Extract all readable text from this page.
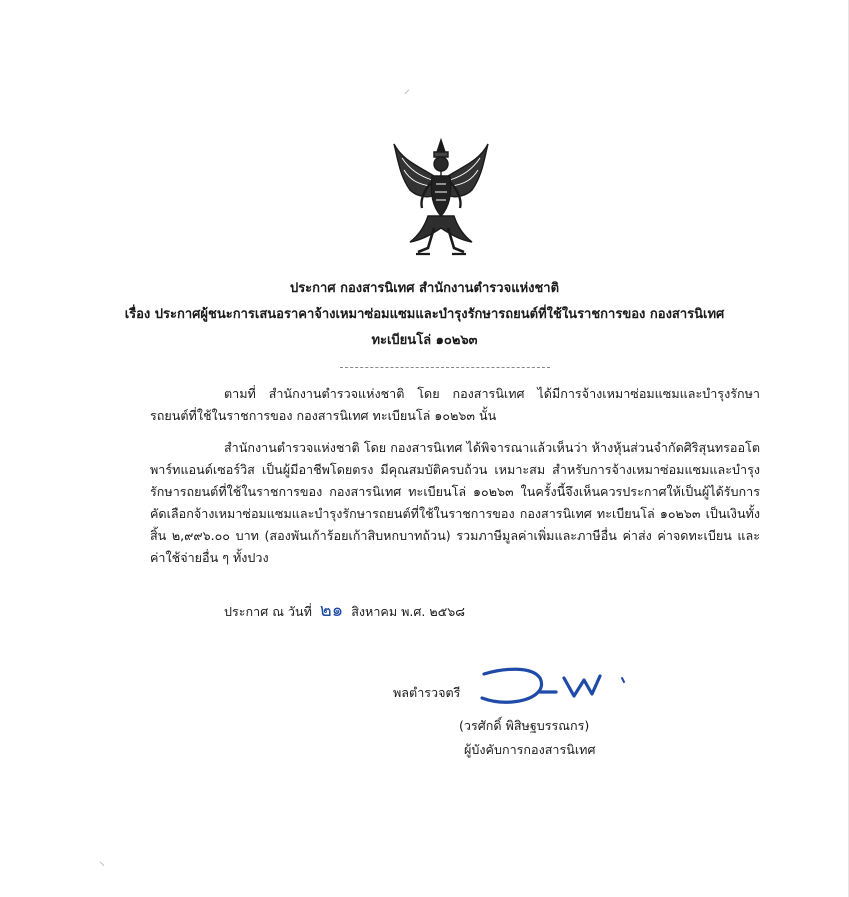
⸝
⸜
ประกาศ กองสารนิเทศ สำนักงานตำรวจแห่งชาติ
เรื่อง ประกาศผู้ชนะการเสนอราคาจ้างเหมาซ่อมแซมและบำรุงรักษารถยนต์ที่ใช้ในราชการของ กองสารนิเทศ
ทะเบียนโล่ ๑๐๒๖๓
ตามที่ สำนักงานตำรวจแห่งชาติ โดย กองสารนิเทศ ได้มีการจ้างเหมาซ่อมแซมและบำรุงรักษารถยนต์ที่ใช้ในราชการของ กองสารนิเทศ ทะเบียนโล่ ๑๐๒๖๓ นั้น
สำนักงานตำรวจแห่งชาติ โดย กองสารนิเทศ ได้พิจารณาแล้วเห็นว่า ห้างหุ้นส่วนจำกัดศิริสุนทรออโตพาร์ทแอนด์เซอร์วิส เป็นผู้มีอาชีพโดยตรง มีคุณสมบัติครบถ้วน เหมาะสม สำหรับการจ้างเหมาซ่อมแซมและบำรุงรักษารถยนต์ที่ใช้ในราชการของ กองสารนิเทศ ทะเบียนโล่ ๑๐๒๖๓ ในครั้งนี้จึงเห็นควรประกาศให้เป็นผู้ได้รับการคัดเลือกจ้างเหมาซ่อมแซมและบำรุงรักษารถยนต์ที่ใช้ในราชการของ กองสารนิเทศ ทะเบียนโล่ ๑๐๒๖๓ เป็นเงินทั้งสิ้น ๒,๙๙๖.๐๐ บาท (สองพันเก้าร้อยเก้าสิบหกบาทถ้วน) รวมภาษีมูลค่าเพิ่มและภาษีอื่น ค่าส่ง ค่าจดทะเบียน และค่าใช้จ่ายอื่น ๆ ทั้งปวง
ประกาศ ณ วันที่ ๒๑ สิงหาคม พ.ศ. ๒๕๖๘
พลตำรวจตรี
(วรศักดิ์ พิสิษฐบรรณกร)
ผู้บังคับการกองสารนิเทศ
